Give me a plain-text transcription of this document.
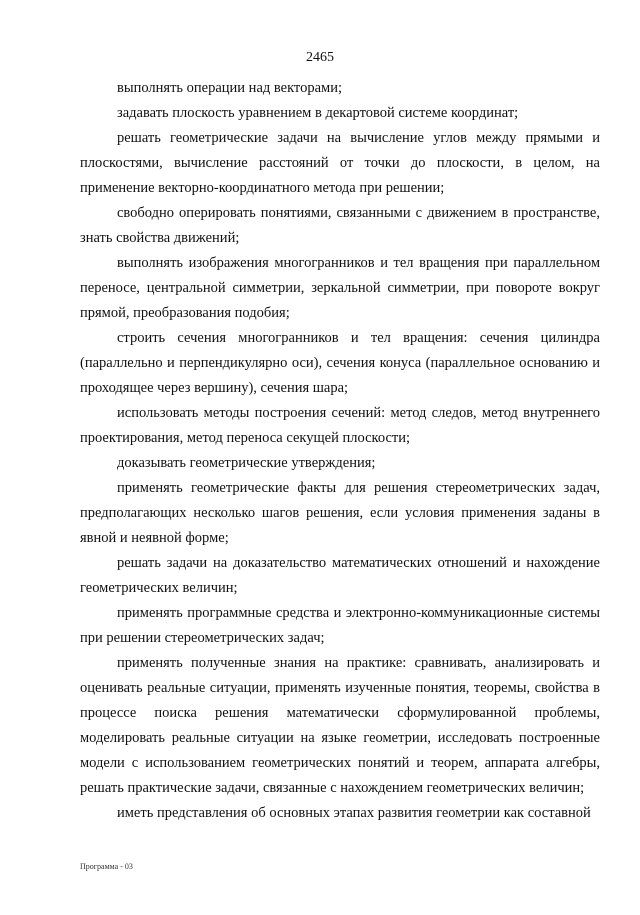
2465

выполнять операции над векторами;

задавать плоскость уравнением в декартовой системе координат;

решать геометрические задачи на вычисление углов между прямыми и плоскостями, вычисление расстояний от точки до плоскости, в целом, на применение векторно-координатного метода при решении;

свободно оперировать понятиями, связанными с движением в пространстве, знать свойства движений;

выполнять изображения многогранников и тел вращения при параллельном переносе, центральной симметрии, зеркальной симметрии, при повороте вокруг прямой, преобразования подобия;

строить сечения многогранников и тел вращения: сечения цилиндра (параллельно и перпендикулярно оси), сечения конуса (параллельное основанию и проходящее через вершину), сечения шара;

использовать методы построения сечений: метод следов, метод внутреннего проектирования, метод переноса секущей плоскости;

доказывать геометрические утверждения;

применять геометрические факты для решения стереометрических задач, предполагающих несколько шагов решения, если условия применения заданы в явной и неявной форме;

решать задачи на доказательство математических отношений и нахождение геометрических величин;

применять программные средства и электронно-коммуникационные системы при решении стереометрических задач;

применять полученные знания на практике: сравнивать, анализировать и оценивать реальные ситуации, применять изученные понятия, теоремы, свойства в процессе поиска решения математически сформулированной проблемы, моделировать реальные ситуации на языке геометрии, исследовать построенные модели с использованием геометрических понятий и теорем, аппарата алгебры, решать практические задачи, связанные с нахождением геометрических величин;

иметь представления об основных этапах развития геометрии как составной

Программа - 03
